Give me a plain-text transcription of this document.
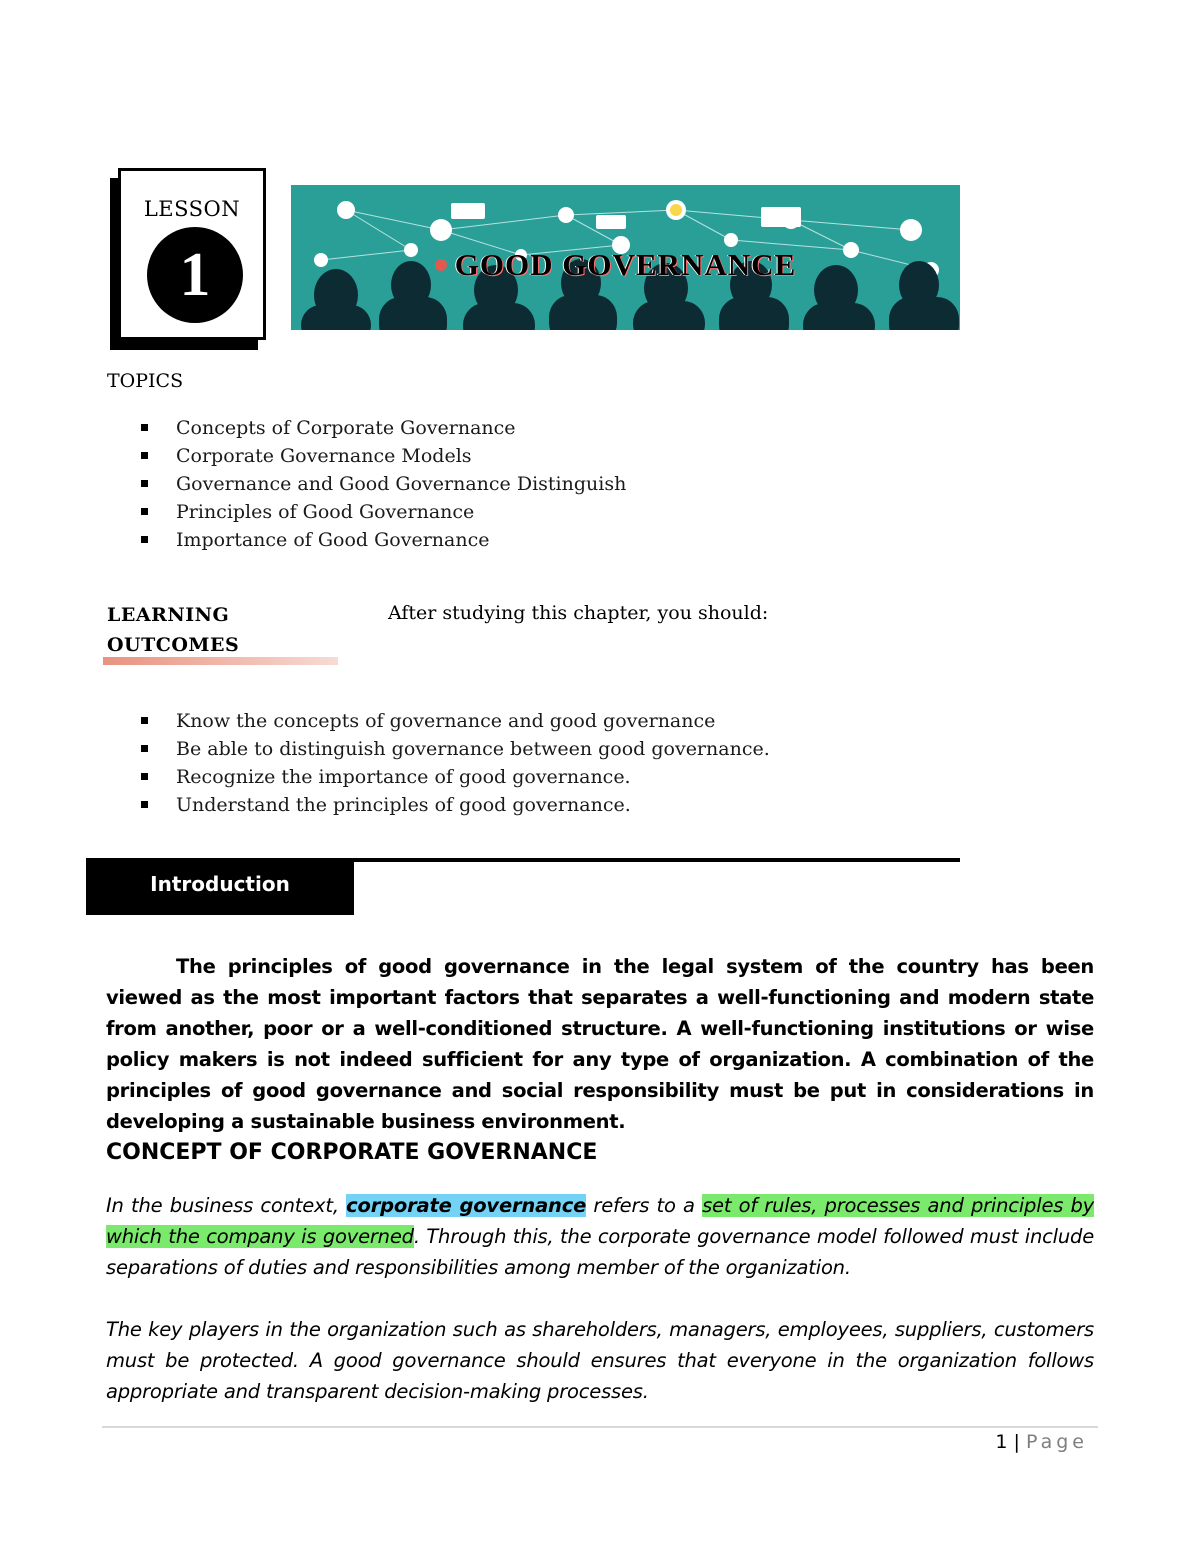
LESSON
1	GOOD GOVERNANCE
TOPICS
Concepts of Corporate Governance
Corporate Governance Models
Governance and Good Governance Distinguish
Principles of Good Governance
Importance of Good Governance
LEARNING
OUTCOMES
After studying this chapter, you should:
Know the concepts of governance and good governance
Be able to distinguish governance between good governance.
Recognize the importance of good governance.
Understand the principles of good governance.
Introduction
The principles of good governance in the legal system of the country has been viewed as the most important factors that separates a well-functioning and modern state from another, poor or a well-conditioned structure. A well-functioning institutions or wise policy makers is not indeed sufficient for any type of organization. A combination of the principles of good governance and social responsibility must be put in considerations in developing a sustainable business environment.
CONCEPT OF CORPORATE GOVERNANCE
In the business context, corporate governance refers to a set of rules, processes and principles by which the company is governed. Through this, the corporate governance model followed must include separations of duties and responsibilities among member of the organization.
The key players in the organization such as shareholders, managers, employees, suppliers, customers must be protected. A good governance should ensures that everyone in the organization follows appropriate and transparent decision-making processes.
1 | Page
